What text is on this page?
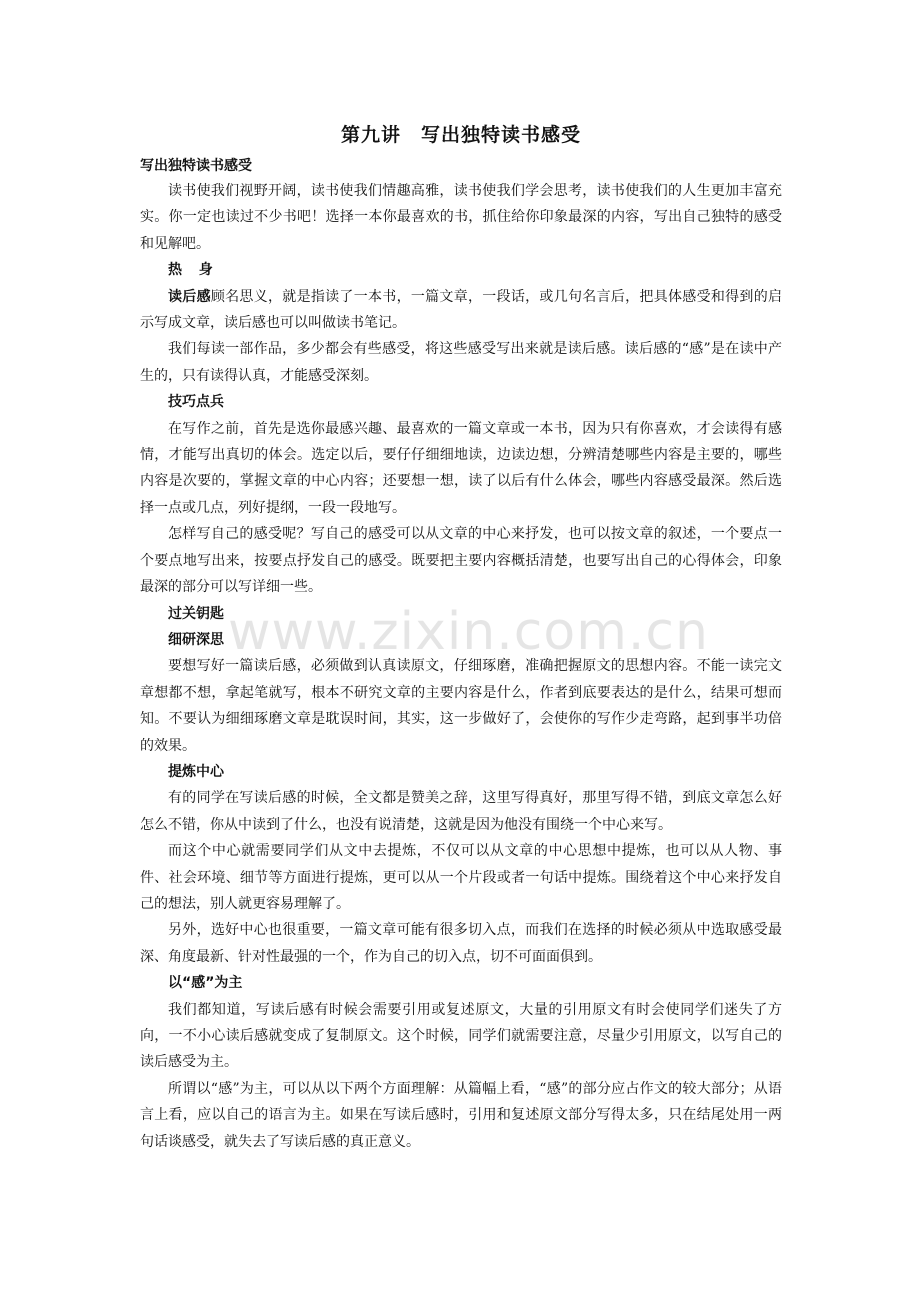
www.zixin.com.cn
第九讲　写出独特读书感受

写出独特读书感受

读书使我们视野开阔，读书使我们情趣高雅，读书使我们学会思考，读书使我们的人生更加丰富充实。你一定也读过不少书吧！选择一本你最喜欢的书，抓住给你印象最深的内容，写出自己独特的感受和见解吧。

热身

读后感顾名思义，就是指读了一本书，一篇文章，一段话，或几句名言后，把具体感受和得到的启示写成文章，读后感也可以叫做读书笔记。

我们每读一部作品，多少都会有些感受，将这些感受写出来就是读后感。读后感的“感”是在读中产生的，只有读得认真，才能感受深刻。

技巧点兵

在写作之前，首先是选你最感兴趣、最喜欢的一篇文章或一本书，因为只有你喜欢，才会读得有感情，才能写出真切的体会。选定以后，要仔仔细细地读，边读边想，分辨清楚哪些内容是主要的，哪些内容是次要的，掌握文章的中心内容；还要想一想，读了以后有什么体会，哪些内容感受最深。然后选择一点或几点，列好提纲，一段一段地写。

怎样写自己的感受呢？写自己的感受可以从文章的中心来抒发，也可以按文章的叙述，一个要点一个要点地写出来，按要点抒发自己的感受。既要把主要内容概括清楚，也要写出自己的心得体会，印象最深的部分可以写详细一些。

过关钥匙

细研深思

要想写好一篇读后感，必须做到认真读原文，仔细琢磨，准确把握原文的思想内容。不能一读完文章想都不想，拿起笔就写，根本不研究文章的主要内容是什么，作者到底要表达的是什么，结果可想而知。不要认为细细琢磨文章是耽误时间，其实，这一步做好了，会使你的写作少走弯路，起到事半功倍的效果。

提炼中心

有的同学在写读后感的时候，全文都是赞美之辞，这里写得真好，那里写得不错，到底文章怎么好怎么不错，你从中读到了什么，也没有说清楚，这就是因为他没有围绕一个中心来写。

而这个中心就需要同学们从文中去提炼，不仅可以从文章的中心思想中提炼，也可以从人物、事件、社会环境、细节等方面进行提炼，更可以从一个片段或者一句话中提炼。围绕着这个中心来抒发自己的想法，别人就更容易理解了。

另外，选好中心也很重要，一篇文章可能有很多切入点，而我们在选择的时候必须从中选取感受最深、角度最新、针对性最强的一个，作为自己的切入点，切不可面面俱到。

以“感”为主

我们都知道，写读后感有时候会需要引用或复述原文，大量的引用原文有时会使同学们迷失了方向，一不小心读后感就变成了复制原文。这个时候，同学们就需要注意，尽量少引用原文，以写自己的读后感受为主。

所谓以“感”为主，可以从以下两个方面理解：从篇幅上看，“感”的部分应占作文的较大部分；从语言上看，应以自己的语言为主。如果在写读后感时，引用和复述原文部分写得太多，只在结尾处用一两句话谈感受，就失去了写读后感的真正意义。
